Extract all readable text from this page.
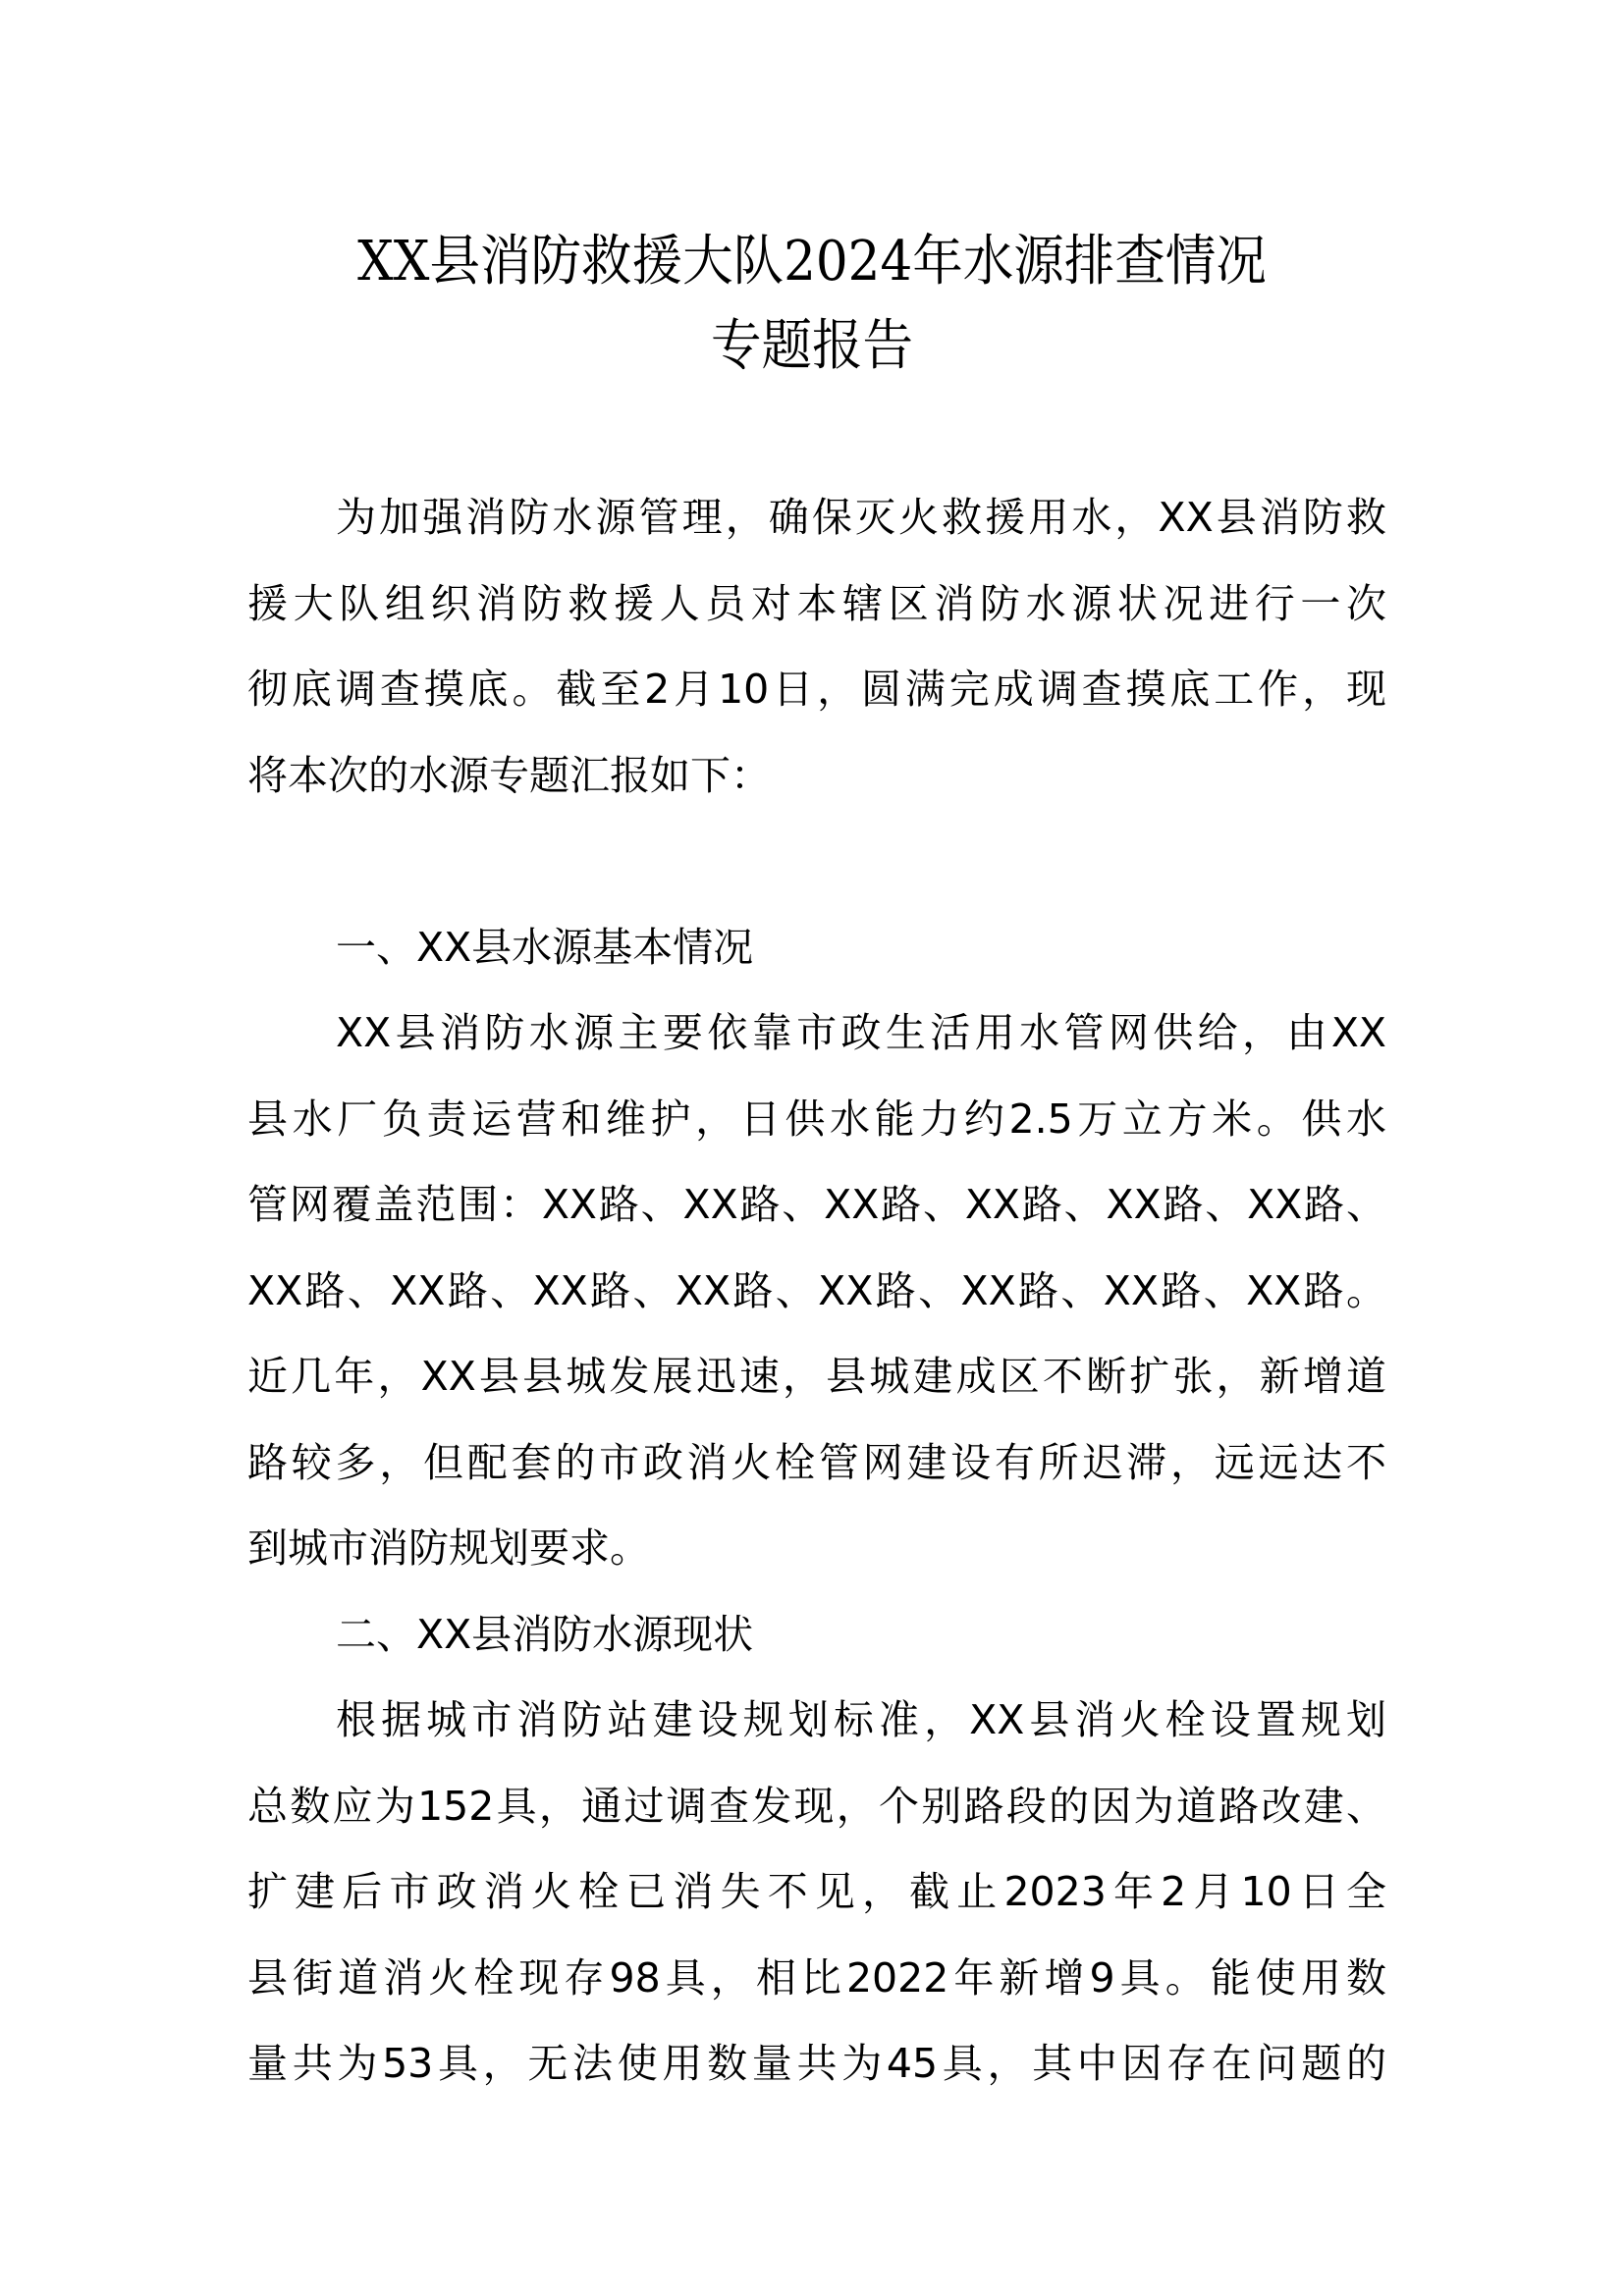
XX县消防救援大队2024年水源排查情况
专题报告
为加强消防水源管理，确保灭火救援用水，XX县消防救
援大队组织消防救援人员对本辖区消防水源状况进行一次
彻底调查摸底。截至2月10日，圆满完成调查摸底工作，现
将本次的水源专题汇报如下：
一、XX县水源基本情况
XX县消防水源主要依靠市政生活用水管网供给，由XX
县水厂负责运营和维护，日供水能力约2.5万立方米。供水
管网覆盖范围：XX路、XX路、XX路、XX路、XX路、XX路、
XX路、XX路、XX路、XX路、XX路、XX路、XX路、XX路。
近几年，XX县县城发展迅速，县城建成区不断扩张，新增道
路较多，但配套的市政消火栓管网建设有所迟滞，远远达不
到城市消防规划要求。
二、XX县消防水源现状
根据城市消防站建设规划标准，XX县消火栓设置规划
总数应为152具，通过调查发现，个别路段的因为道路改建、
扩建后市政消火栓已消失不见，截止2023年2月10日全
县街道消火栓现存98具，相比2022年新增9具。能使用数
量共为53具，无法使用数量共为45具，其中因存在问题的
